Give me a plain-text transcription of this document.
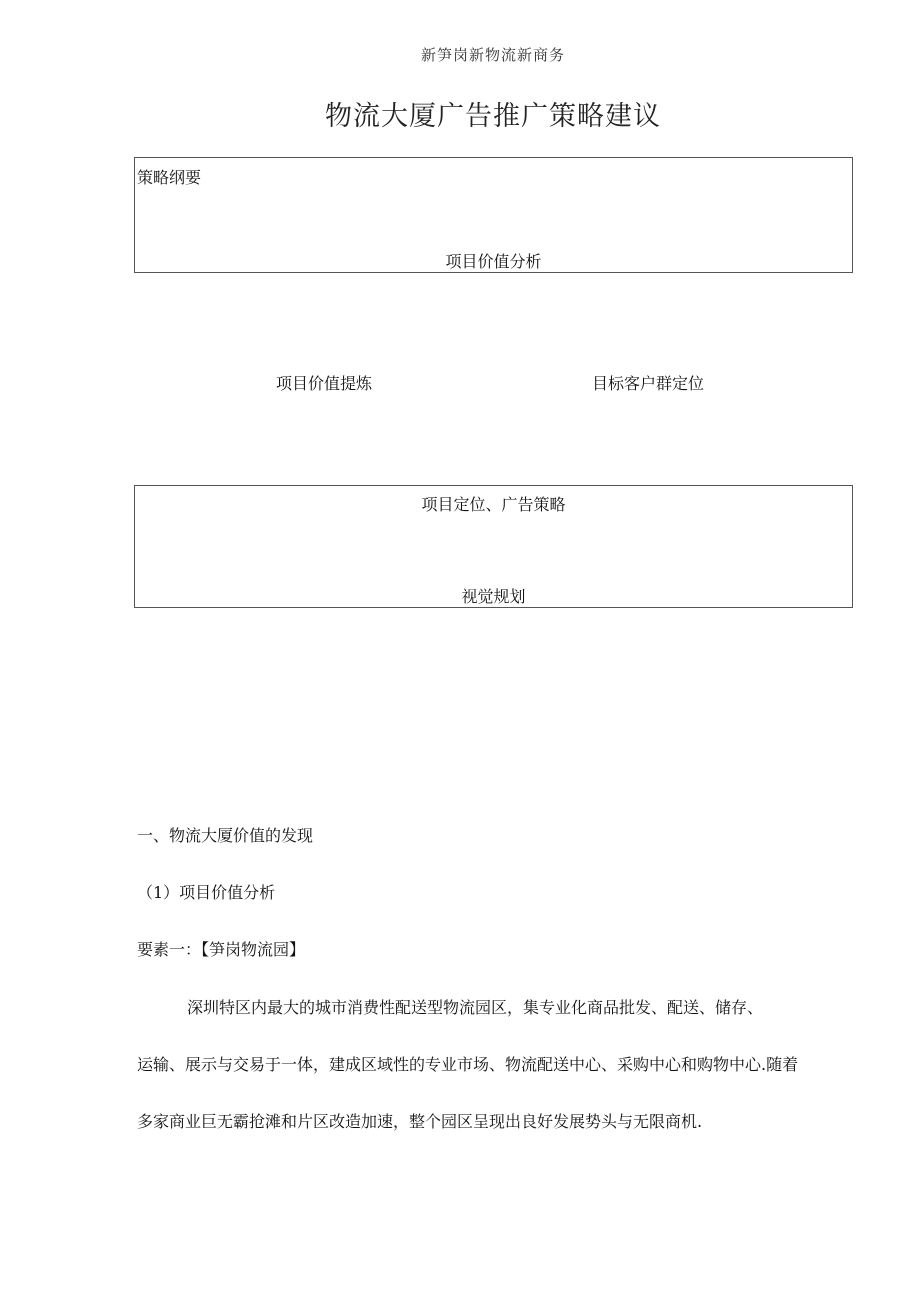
新笋岗新物流新商务
物流大厦广告推广策略建议
策略纲要
项目价值分析
项目价值提炼	目标客户群定位
项目定位、广告策略
视觉规划
一、物流大厦价值的发现
（1）项目价值分析
要素一：【笋岗物流园】
深圳特区内最大的城市消费性配送型物流园区，集专业化商品批发、配送、储存、
运输、展示与交易于一体，建成区域性的专业市场、物流配送中心、采购中心和购物中心.随着
多家商业巨无霸抢滩和片区改造加速，整个园区呈现出良好发展势头与无限商机.
